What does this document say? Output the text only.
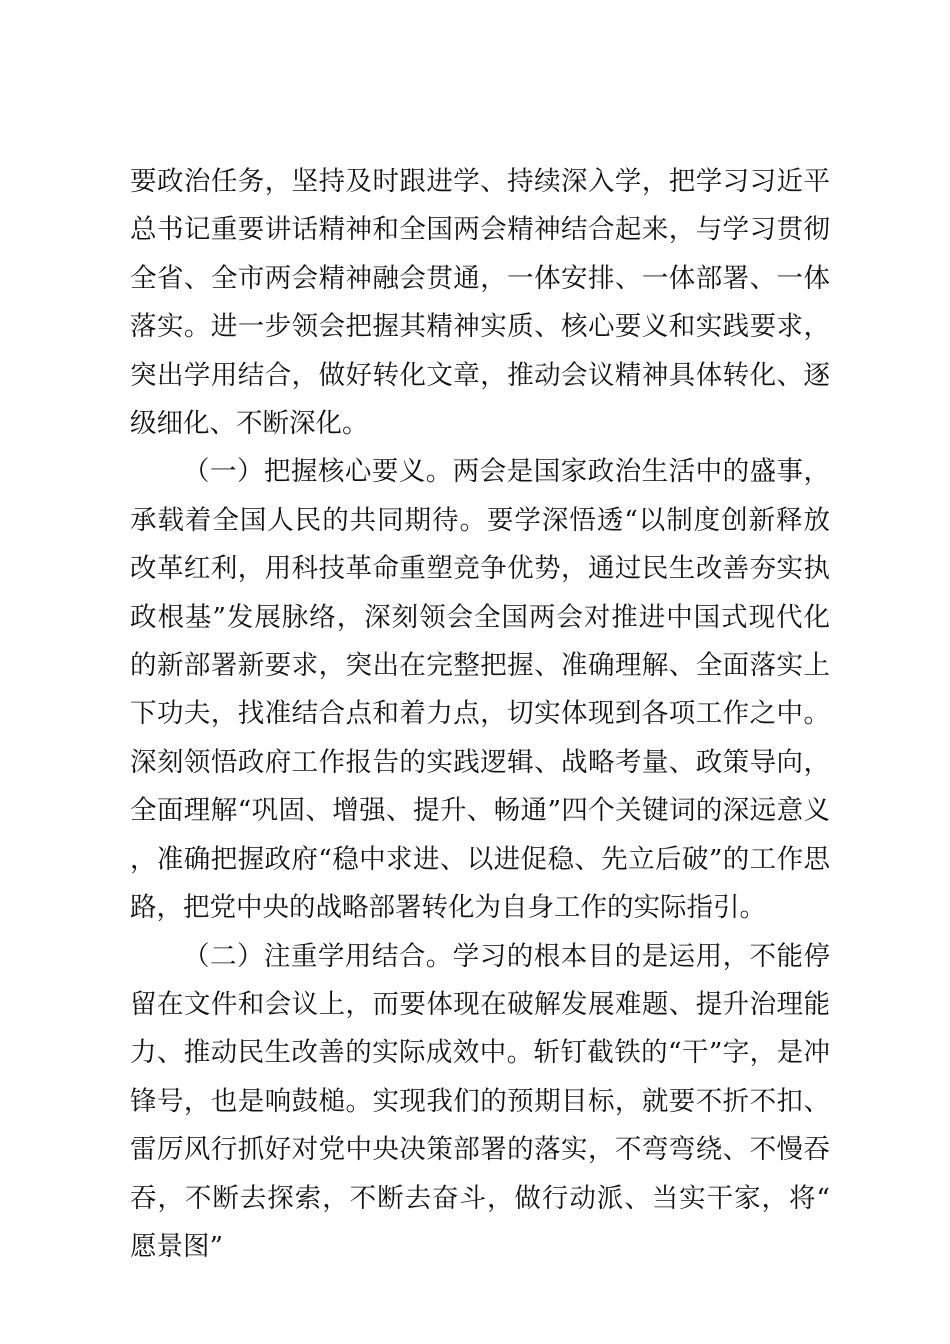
要政治任务，坚持及时跟进学、持续深入学，把学习习近平总书记重要讲话精神和全国两会精神结合起来，与学习贯彻全省、全市两会精神融会贯通，一体安排、一体部署、一体落实。进一步领会把握其精神实质、核心要义和实践要求，突出学用结合，做好转化文章，推动会议精神具体转化、逐级细化、不断深化。

（一）把握核心要义。两会是国家政治生活中的盛事，承载着全国人民的共同期待。要学深悟透“以制度创新释放改革红利，用科技革命重塑竞争优势，通过民生改善夯实执政根基”发展脉络，深刻领会全国两会对推进中国式现代化的新部署新要求，突出在完整把握、准确理解、全面落实上下功夫，找准结合点和着力点，切实体现到各项工作之中。深刻领悟政府工作报告的实践逻辑、战略考量、政策导向，全面理解“巩固、增强、提升、畅通”四个关键词的深远意义，准确把握政府“稳中求进、以进促稳、先立后破”的工作思路，把党中央的战略部署转化为自身工作的实际指引。

（二）注重学用结合。学习的根本目的是运用，不能停留在文件和会议上，而要体现在破解发展难题、提升治理能力、推动民生改善的实际成效中。斩钉截铁的“干”字，是冲锋号，也是响鼓槌。实现我们的预期目标，就要不折不扣、雷厉风行抓好对党中央决策部署的落实，不弯弯绕、不慢吞吞，不断去探索，不断去奋斗，做行动派、当实干家，将“愿景图”
